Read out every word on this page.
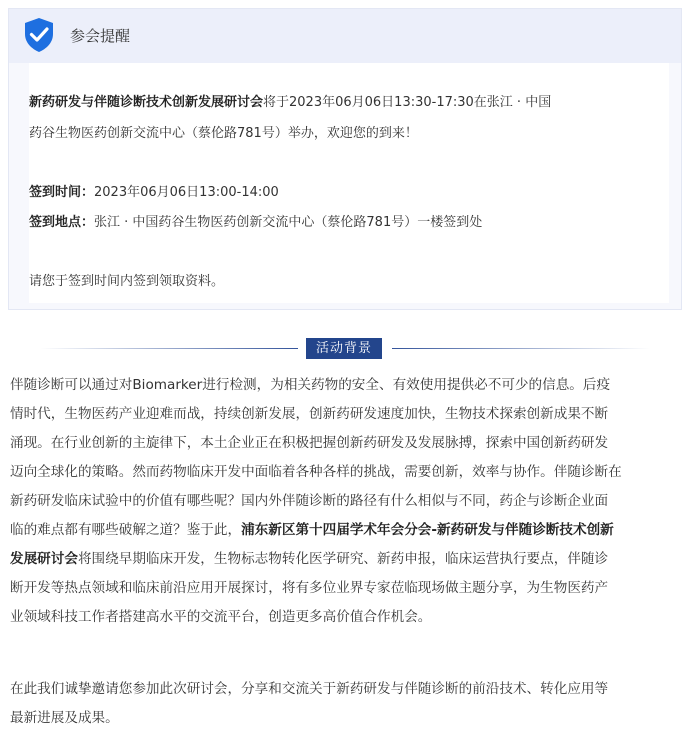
参会提醒
新药研发与伴随诊断技术创新发展研讨会将于2023年06月06日13:30-17:30在张江 · 中国
药谷生物医药创新交流中心（蔡伦路781号）举办，欢迎您的到来！
签到时间：2023年06月06日13:00-14:00
签到地点：张江 · 中国药谷生物医药创新交流中心（蔡伦路781号）一楼签到处
请您于签到时间内签到领取资料。
活动背景
伴随诊断可以通过对Biomarker进行检测，为相关药物的安全、有效使用提供必不可少的信息。后疫
情时代，生物医药产业迎难而战，持续创新发展，创新药研发速度加快，生物技术探索创新成果不断
涌现。在行业创新的主旋律下，本土企业正在积极把握创新药研发及发展脉搏，探索中国创新药研发
迈向全球化的策略。然而药物临床开发中面临着各种各样的挑战，需要创新，效率与协作。伴随诊断在
新药研发临床试验中的价值有哪些呢？国内外伴随诊断的路径有什么相似与不同，药企与诊断企业面
临的难点都有哪些破解之道？鉴于此，浦东新区第十四届学术年会分会-新药研发与伴随诊断技术创新
发展研讨会将围绕早期临床开发，生物标志物转化医学研究、新药申报，临床运营执行要点，伴随诊
断开发等热点领域和临床前沿应用开展探讨，将有多位业界专家莅临现场做主题分享，为生物医药产
业领域科技工作者搭建高水平的交流平台，创造更多高价值合作机会。
在此我们诚挚邀请您参加此次研讨会，分享和交流关于新药研发与伴随诊断的前沿技术、转化应用等
最新进展及成果。
